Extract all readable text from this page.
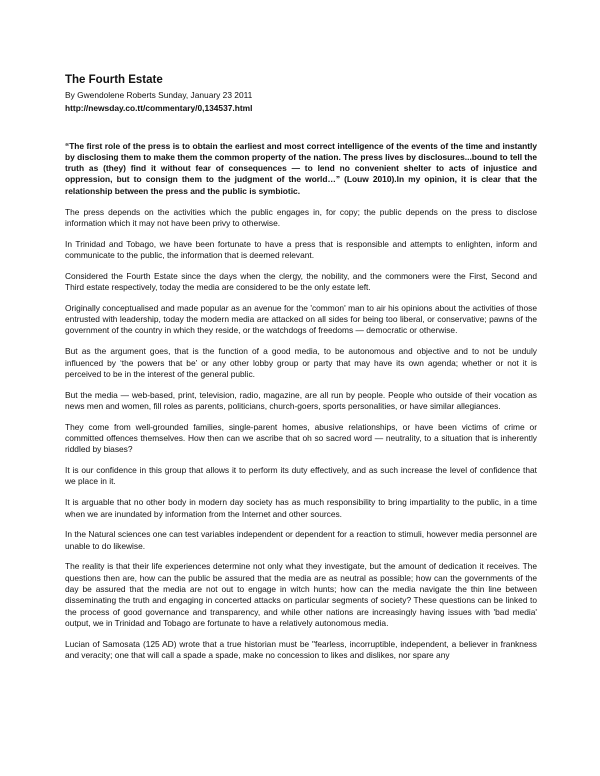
The Fourth Estate
By Gwendolene Roberts Sunday, January 23 2011
http://newsday.co.tt/commentary/0,134537.html

“The first role of the press is to obtain the earliest and most correct intelligence of the events of the time and instantly by disclosing them to make them the common property of the nation. The press lives by disclosures...bound to tell the truth as (they) find it without fear of consequences — to lend no convenient shelter to acts of injustice and oppression, but to consign them to the judgment of the world…” (Louw 2010).In my opinion, it is clear that the relationship between the press and the public is symbiotic.

The press depends on the activities which the public engages in, for copy; the public depends on the press to disclose information which it may not have been privy to otherwise.

In Trinidad and Tobago, we have been fortunate to have a press that is responsible and attempts to enlighten, inform and communicate to the public, the information that is deemed relevant.

Considered the Fourth Estate since the days when the clergy, the nobility, and the commoners were the First, Second and Third estate respectively, today the media are considered to be the only estate left.

Originally conceptualised and made popular as an avenue for the 'common' man to air his opinions about the activities of those entrusted with leadership, today the modern media are attacked on all sides for being too liberal, or conservative; pawns of the government of the country in which they reside, or the watchdogs of freedoms — democratic or otherwise.

But as the argument goes, that is the function of a good media, to be autonomous and objective and to not be unduly influenced by ‘the powers that be’ or any other lobby group or party that may have its own agenda; whether or not it is perceived to be in the interest of the general public.

But the media — web-based, print, television, radio, magazine, are all run by people. People who outside of their vocation as news men and women, fill roles as parents, politicians, church-goers, sports personalities, or have similar allegiances.

They come from well-grounded families, single-parent homes, abusive relationships, or have been victims of crime or committed offences themselves. How then can we ascribe that oh so sacred word — neutrality, to a situation that is inherently riddled by biases?

It is our confidence in this group that allows it to perform its duty effectively, and as such increase the level of confidence that we place in it.

It is arguable that no other body in modern day society has as much responsibility to bring impartiality to the public, in a time when we are inundated by information from the Internet and other sources.

In the Natural sciences one can test variables independent or dependent for a reaction to stimuli, however media personnel are unable to do likewise.

The reality is that their life experiences determine not only what they investigate, but the amount of dedication it receives. The questions then are, how can the public be assured that the media are as neutral as possible; how can the governments of the day be assured that the media are not out to engage in witch hunts; how can the media navigate the thin line between disseminating the truth and engaging in concerted attacks on particular segments of society? These questions can be linked to the process of good governance and transparency, and while other nations are increasingly having issues with 'bad media' output, we in Trinidad and Tobago are fortunate to have a relatively autonomous media.

Lucian of Samosata (125 AD) wrote that a true historian must be "fearless, incorruptible, independent, a believer in frankness and veracity; one that will call a spade a spade, make no concession to likes and dislikes, nor spare any
